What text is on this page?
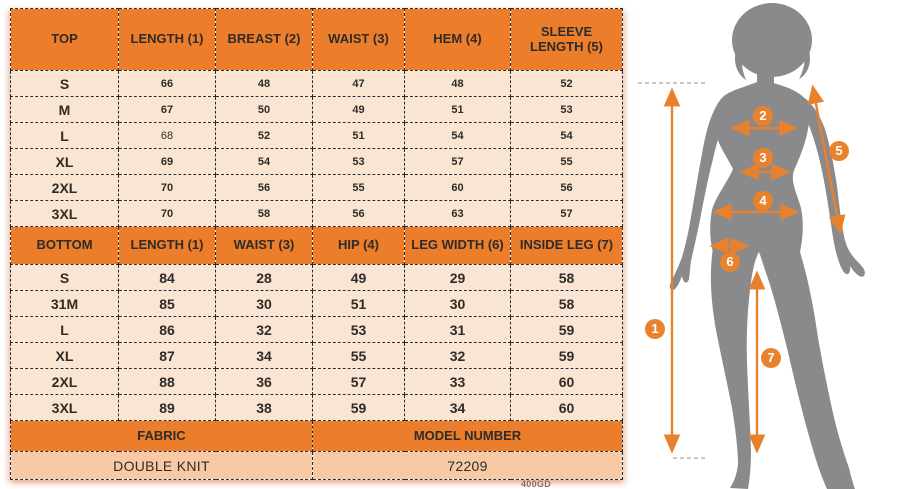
TOP	LENGTH (1)	BREAST (2)	WAIST (3)	HEM (4)	SLEEVE LENGTH (5)
S	66	48	47	48	52
M	67	50	49	51	53
L	68	52	51	54	54
XL	69	54	53	57	55
2XL	70	56	55	60	56
3XL	70	58	56	63	57
BOTTOM	LENGTH (1)	WAIST (3)	HIP (4)	LEG WIDTH (6)	INSIDE LEG (7)
S	84	28	49	29	58
31M	85	30	51	30	58
L	86	32	53	31	59
XL	87	34	55	32	59
2XL	88	36	57	33	60
3XL	89	38	59	34	60
FABRIC			MODEL NUMBER		
DOUBLE KNIT			72209		
400GD
1
2
3
4
5
6
7
